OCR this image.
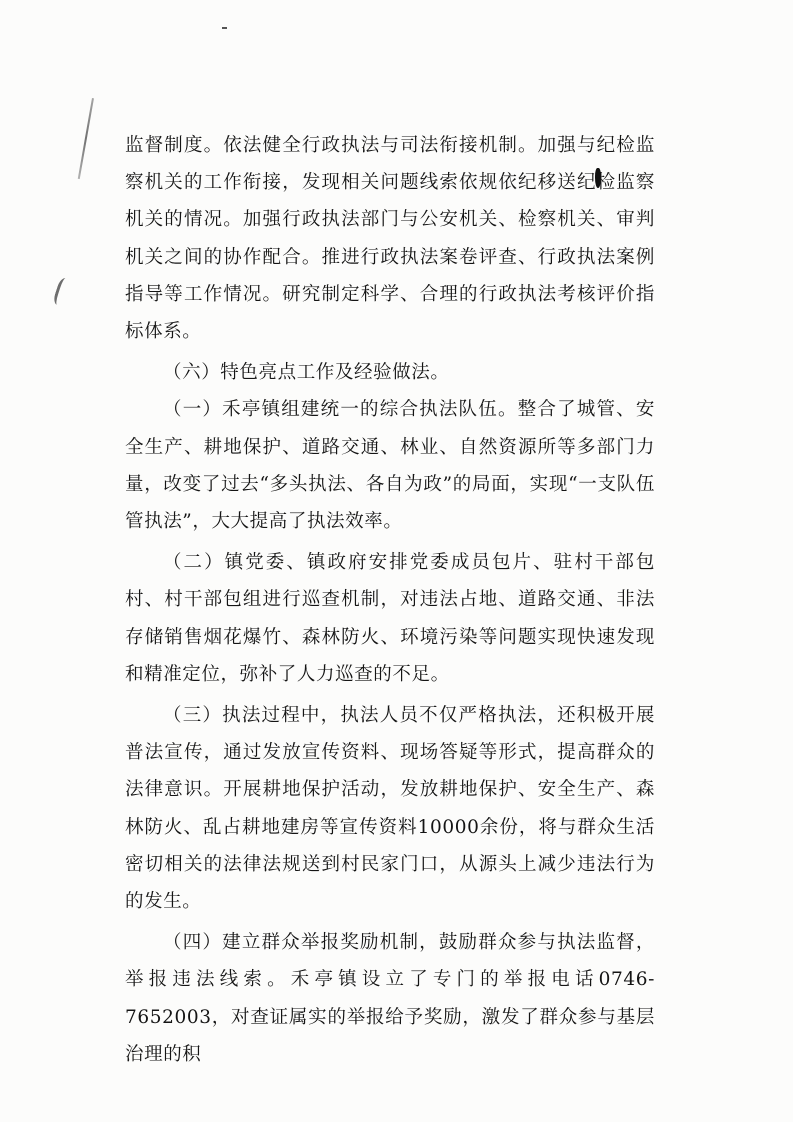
监督制度。依法健全行政执法与司法衔接机制。加强与纪检监察机关的工作衔接，发现相关问题线索依规依纪移送纪检监察机关的情况。加强行政执法部门与公安机关、检察机关、审判机关之间的协作配合。推进行政执法案卷评查、行政执法案例指导等工作情况。研究制定科学、合理的行政执法考核评价指标体系。

（六）特色亮点工作及经验做法。

（一）禾亭镇组建统一的综合执法队伍。整合了城管、安全生产、耕地保护、道路交通、林业、自然资源所等多部门力量，改变了过去“多头执法、各自为政”的局面，实现“一支队伍管执法”，大大提高了执法效率。

（二）镇党委、镇政府安排党委成员包片、驻村干部包村、村干部包组进行巡查机制，对违法占地、道路交通、非法存储销售烟花爆竹、森林防火、环境污染等问题实现快速发现和精准定位，弥补了人力巡查的不足。

（三）执法过程中，执法人员不仅严格执法，还积极开展普法宣传，通过发放宣传资料、现场答疑等形式，提高群众的法律意识。开展耕地保护活动，发放耕地保护、安全生产、森林防火、乱占耕地建房等宣传资料10000余份，将与群众生活密切相关的法律法规送到村民家门口，从源头上减少违法行为的发生。

（四）建立群众举报奖励机制，鼓励群众参与执法监督，举报违法线索。禾亭镇设立了专门的举报电话0746-7652003，对查证属实的举报给予奖励，激发了群众参与基层治理的积
